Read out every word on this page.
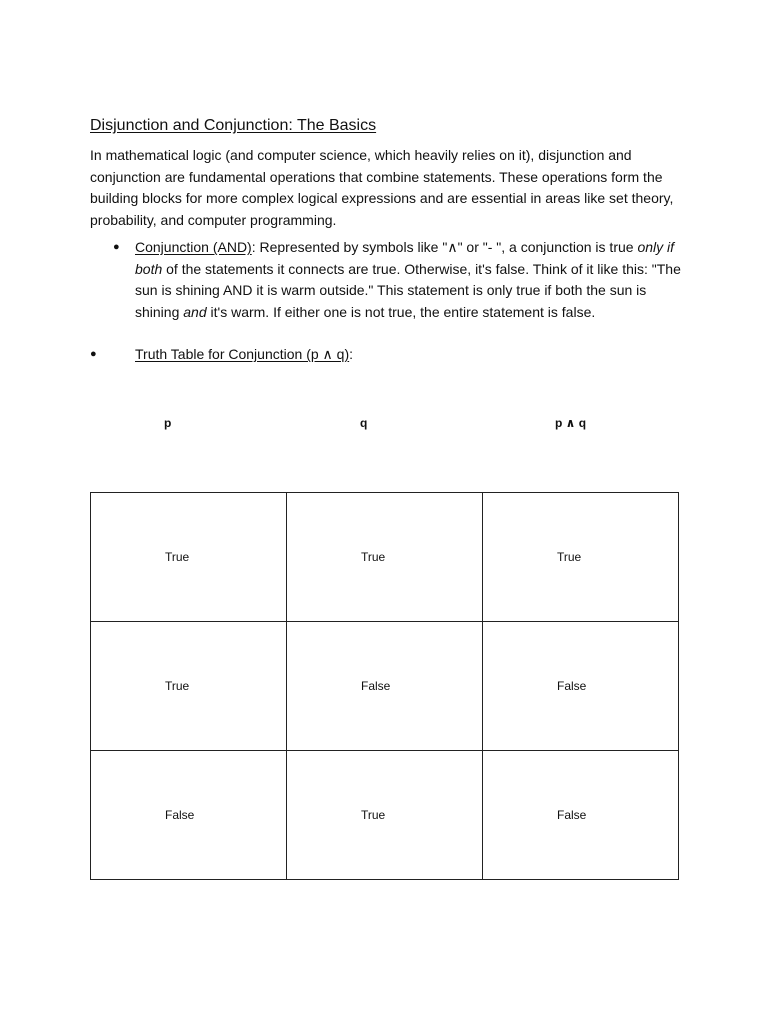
Disjunction and Conjunction: The Basics

In mathematical logic (and computer science, which heavily relies on it), disjunction and conjunction are fundamental operations that combine statements. These operations form the building blocks for more complex logical expressions and are essential in areas like set theory, probability, and computer programming.

● Conjunction (AND): Represented by symbols like "∧" or "- ", a conjunction is true only if both of the statements it connects are true. Otherwise, it's false. Think of it like this: "The sun is shining AND it is warm outside." This statement is only true if both the sun is shining and it's warm. If either one is not true, the entire statement is false.
●	Truth Table for Conjunction (p ∧ q):
p	q	p ∧ q
True	True	True
True	False	False
False	True	False
